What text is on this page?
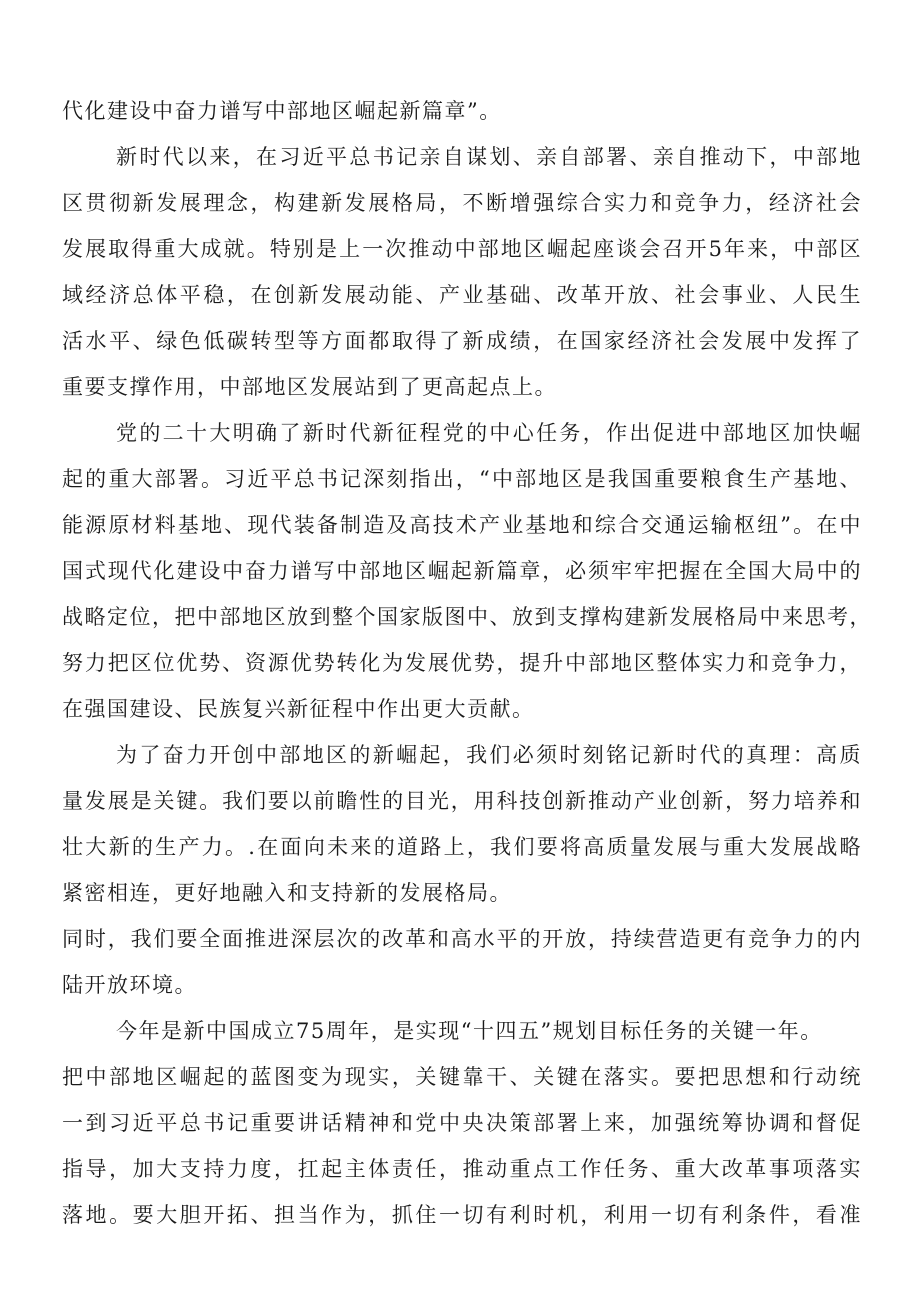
代化建设中奋力谱写中部地区崛起新篇章”。
新时代以来，在习近平总书记亲自谋划、亲自部署、亲自推动下，中部地
区贯彻新发展理念，构建新发展格局，不断增强综合实力和竞争力，经济社会
发展取得重大成就。特别是上一次推动中部地区崛起座谈会召开5年来，中部区
域经济总体平稳，在创新发展动能、产业基础、改革开放、社会事业、人民生
活水平、绿色低碳转型等方面都取得了新成绩，在国家经济社会发展中发挥了
重要支撑作用，中部地区发展站到了更高起点上。
党的二十大明确了新时代新征程党的中心任务，作出促进中部地区加快崛
起的重大部署。习近平总书记深刻指出，“中部地区是我国重要粮食生产基地、
能源原材料基地、现代装备制造及高技术产业基地和综合交通运输枢纽”。在中
国式现代化建设中奋力谱写中部地区崛起新篇章，必须牢牢把握在全国大局中的
战略定位，把中部地区放到整个国家版图中、放到支撑构建新发展格局中来思考，
努力把区位优势、资源优势转化为发展优势，提升中部地区整体实力和竞争力，
在强国建设、民族复兴新征程中作出更大贡献。
为了奋力开创中部地区的新崛起，我们必须时刻铭记新时代的真理：高质
量发展是关键。我们要以前瞻性的目光，用科技创新推动产业创新，努力培养和
壮大新的生产力。.在面向未来的道路上，我们要将高质量发展与重大发展战略
紧密相连，更好地融入和支持新的发展格局。
同时，我们要全面推进深层次的改革和高水平的开放，持续营造更有竞争力的内
陆开放环境。
今年是新中国成立75周年，是实现“十四五”规划目标任务的关键一年。
把中部地区崛起的蓝图变为现实，关键靠干、关键在落实。要把思想和行动统
一到习近平总书记重要讲话精神和党中央决策部署上来，加强统筹协调和督促
指导，加大支持力度，扛起主体责任，推动重点工作任务、重大改革事项落实
落地。要大胆开拓、担当作为，抓住一切有利时机，利用一切有利条件，看准
